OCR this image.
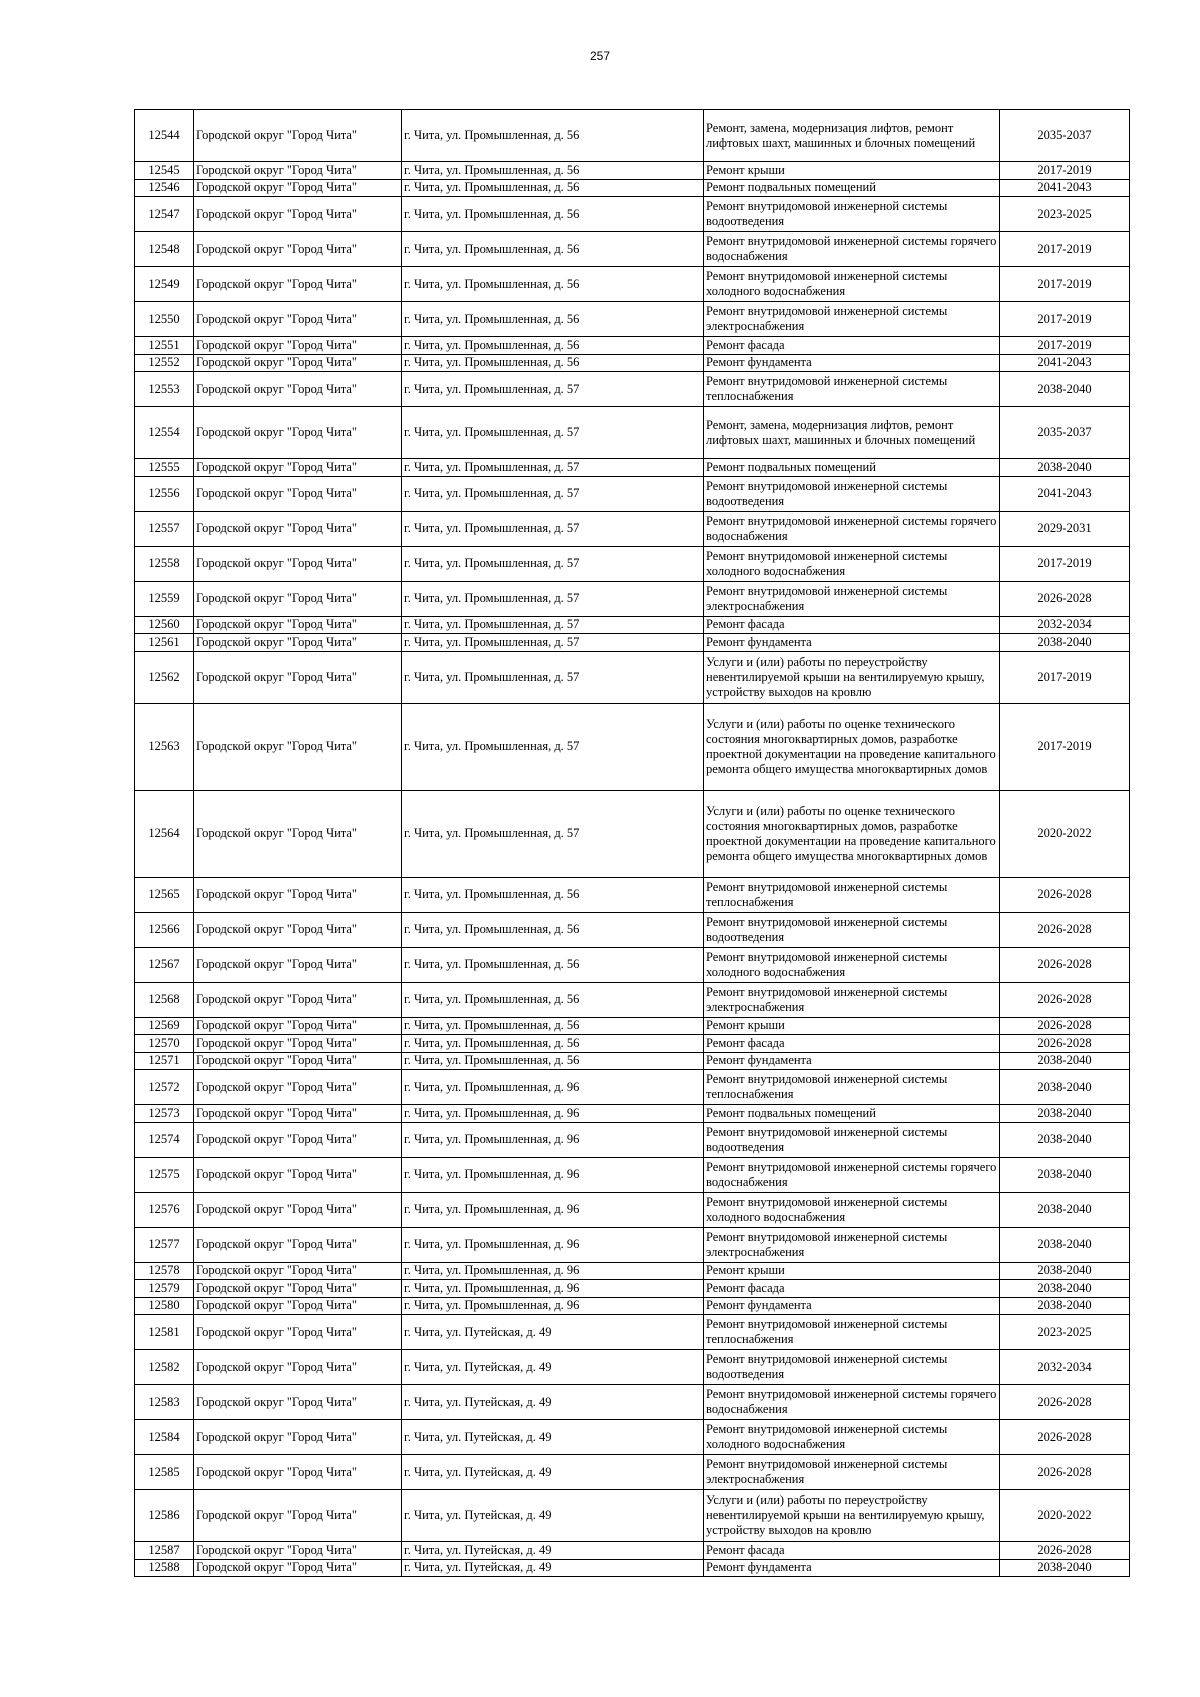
257
12544	Городской округ "Город Чита"	г. Чита, ул. Промышленная, д. 56	Ремонт, замена, модернизация лифтов, ремонт лифтовых шахт, машинных и блочных помещений	2035-2037
12545	Городской округ "Город Чита"	г. Чита, ул. Промышленная, д. 56	Ремонт крыши	2017-2019
12546	Городской округ "Город Чита"	г. Чита, ул. Промышленная, д. 56	Ремонт подвальных помещений	2041-2043
12547	Городской округ "Город Чита"	г. Чита, ул. Промышленная, д. 56	Ремонт внутридомовой инженерной системы водоотведения	2023-2025
12548	Городской округ "Город Чита"	г. Чита, ул. Промышленная, д. 56	Ремонт внутридомовой инженерной системы горячего водоснабжения	2017-2019
12549	Городской округ "Город Чита"	г. Чита, ул. Промышленная, д. 56	Ремонт внутридомовой инженерной системы холодного водоснабжения	2017-2019
12550	Городской округ "Город Чита"	г. Чита, ул. Промышленная, д. 56	Ремонт внутридомовой инженерной системы электроснабжения	2017-2019
12551	Городской округ "Город Чита"	г. Чита, ул. Промышленная, д. 56	Ремонт фасада	2017-2019
12552	Городской округ "Город Чита"	г. Чита, ул. Промышленная, д. 56	Ремонт фундамента	2041-2043
12553	Городской округ "Город Чита"	г. Чита, ул. Промышленная, д. 57	Ремонт внутридомовой инженерной системы теплоснабжения	2038-2040
12554	Городской округ "Город Чита"	г. Чита, ул. Промышленная, д. 57	Ремонт, замена, модернизация лифтов, ремонт лифтовых шахт, машинных и блочных помещений	2035-2037
12555	Городской округ "Город Чита"	г. Чита, ул. Промышленная, д. 57	Ремонт подвальных помещений	2038-2040
12556	Городской округ "Город Чита"	г. Чита, ул. Промышленная, д. 57	Ремонт внутридомовой инженерной системы водоотведения	2041-2043
12557	Городской округ "Город Чита"	г. Чита, ул. Промышленная, д. 57	Ремонт внутридомовой инженерной системы горячего водоснабжения	2029-2031
12558	Городской округ "Город Чита"	г. Чита, ул. Промышленная, д. 57	Ремонт внутридомовой инженерной системы холодного водоснабжения	2017-2019
12559	Городской округ "Город Чита"	г. Чита, ул. Промышленная, д. 57	Ремонт внутридомовой инженерной системы электроснабжения	2026-2028
12560	Городской округ "Город Чита"	г. Чита, ул. Промышленная, д. 57	Ремонт фасада	2032-2034
12561	Городской округ "Город Чита"	г. Чита, ул. Промышленная, д. 57	Ремонт фундамента	2038-2040
12562	Городской округ "Город Чита"	г. Чита, ул. Промышленная, д. 57	Услуги и (или) работы по переустройству невентилируемой крыши на вентилируемую крышу, устройству выходов на кровлю	2017-2019
12563	Городской округ "Город Чита"	г. Чита, ул. Промышленная, д. 57	Услуги и (или) работы по оценке технического состояния многоквартирных домов, разработке проектной документации на проведение капитального ремонта общего имущества многоквартирных домов	2017-2019
12564	Городской округ "Город Чита"	г. Чита, ул. Промышленная, д. 57	Услуги и (или) работы по оценке технического состояния многоквартирных домов, разработке проектной документации на проведение капитального ремонта общего имущества многоквартирных домов	2020-2022
12565	Городской округ "Город Чита"	г. Чита, ул. Промышленная, д. 56	Ремонт внутридомовой инженерной системы теплоснабжения	2026-2028
12566	Городской округ "Город Чита"	г. Чита, ул. Промышленная, д. 56	Ремонт внутридомовой инженерной системы водоотведения	2026-2028
12567	Городской округ "Город Чита"	г. Чита, ул. Промышленная, д. 56	Ремонт внутридомовой инженерной системы холодного водоснабжения	2026-2028
12568	Городской округ "Город Чита"	г. Чита, ул. Промышленная, д. 56	Ремонт внутридомовой инженерной системы электроснабжения	2026-2028
12569	Городской округ "Город Чита"	г. Чита, ул. Промышленная, д. 56	Ремонт крыши	2026-2028
12570	Городской округ "Город Чита"	г. Чита, ул. Промышленная, д. 56	Ремонт фасада	2026-2028
12571	Городской округ "Город Чита"	г. Чита, ул. Промышленная, д. 56	Ремонт фундамента	2038-2040
12572	Городской округ "Город Чита"	г. Чита, ул. Промышленная, д. 96	Ремонт внутридомовой инженерной системы теплоснабжения	2038-2040
12573	Городской округ "Город Чита"	г. Чита, ул. Промышленная, д. 96	Ремонт подвальных помещений	2038-2040
12574	Городской округ "Город Чита"	г. Чита, ул. Промышленная, д. 96	Ремонт внутридомовой инженерной системы водоотведения	2038-2040
12575	Городской округ "Город Чита"	г. Чита, ул. Промышленная, д. 96	Ремонт внутридомовой инженерной системы горячего водоснабжения	2038-2040
12576	Городской округ "Город Чита"	г. Чита, ул. Промышленная, д. 96	Ремонт внутридомовой инженерной системы холодного водоснабжения	2038-2040
12577	Городской округ "Город Чита"	г. Чита, ул. Промышленная, д. 96	Ремонт внутридомовой инженерной системы электроснабжения	2038-2040
12578	Городской округ "Город Чита"	г. Чита, ул. Промышленная, д. 96	Ремонт крыши	2038-2040
12579	Городской округ "Город Чита"	г. Чита, ул. Промышленная, д. 96	Ремонт фасада	2038-2040
12580	Городской округ "Город Чита"	г. Чита, ул. Промышленная, д. 96	Ремонт фундамента	2038-2040
12581	Городской округ "Город Чита"	г. Чита, ул. Путейская, д. 49	Ремонт внутридомовой инженерной системы теплоснабжения	2023-2025
12582	Городской округ "Город Чита"	г. Чита, ул. Путейская, д. 49	Ремонт внутридомовой инженерной системы водоотведения	2032-2034
12583	Городской округ "Город Чита"	г. Чита, ул. Путейская, д. 49	Ремонт внутридомовой инженерной системы горячего водоснабжения	2026-2028
12584	Городской округ "Город Чита"	г. Чита, ул. Путейская, д. 49	Ремонт внутридомовой инженерной системы холодного водоснабжения	2026-2028
12585	Городской округ "Город Чита"	г. Чита, ул. Путейская, д. 49	Ремонт внутридомовой инженерной системы электроснабжения	2026-2028
12586	Городской округ "Город Чита"	г. Чита, ул. Путейская, д. 49	Услуги и (или) работы по переустройству невентилируемой крыши на вентилируемую крышу, устройству выходов на кровлю	2020-2022
12587	Городской округ "Город Чита"	г. Чита, ул. Путейская, д. 49	Ремонт фасада	2026-2028
12588	Городской округ "Город Чита"	г. Чита, ул. Путейская, д. 49	Ремонт фундамента	2038-2040
